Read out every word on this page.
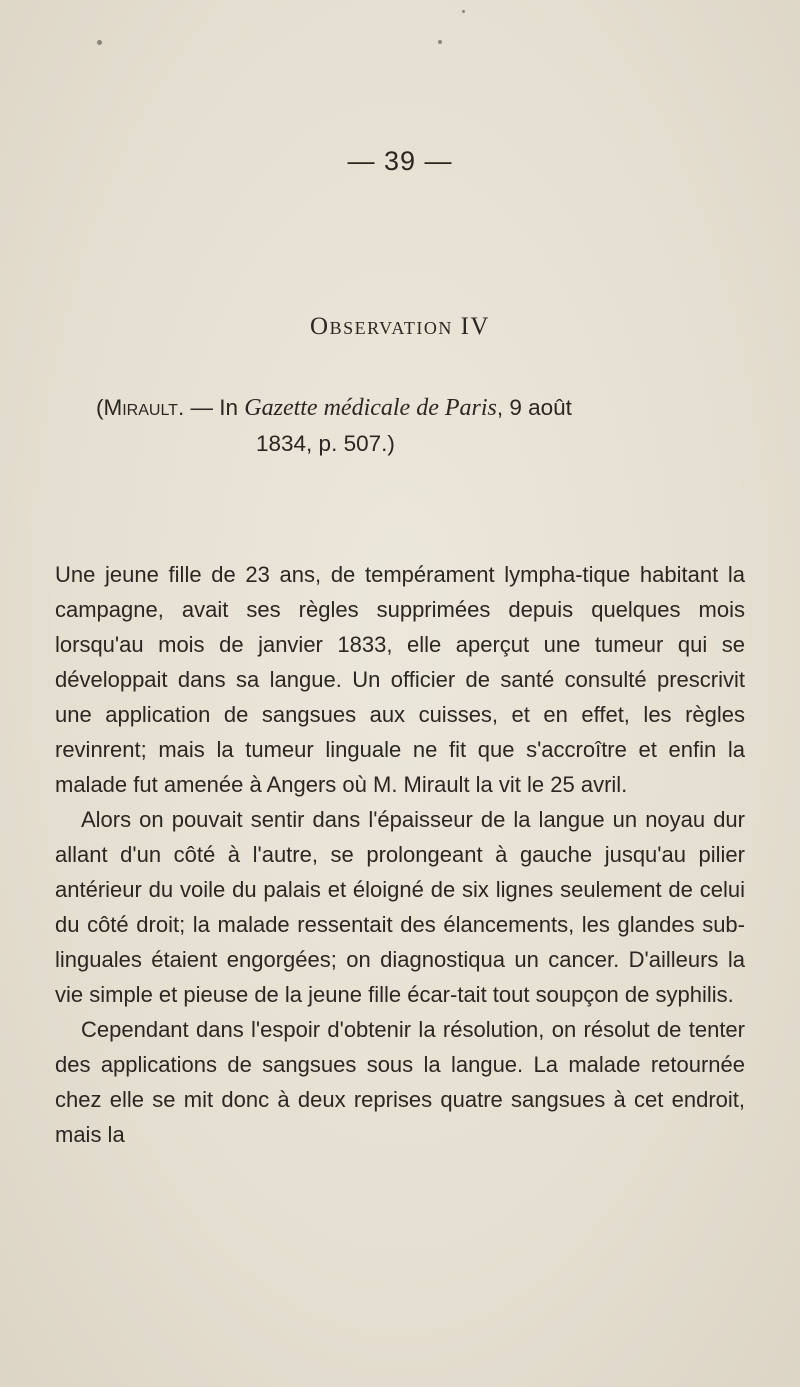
— 39 —
Observation IV
(Mirault. — In Gazette médicale de Paris, 9 août
1834, p. 507.)

Une jeune fille de 23 ans, de tempérament lympha-tique habitant la campagne, avait ses règles supprimées depuis quelques mois lorsqu'au mois de janvier 1833, elle aperçut une tumeur qui se développait dans sa langue. Un officier de santé consulté prescrivit une application de sangsues aux cuisses, et en effet, les règles revinrent; mais la tumeur linguale ne fit que s'accroître et enfin la malade fut amenée à Angers où M. Mirault la vit le 25 avril.

Alors on pouvait sentir dans l'épaisseur de la langue un noyau dur allant d'un côté à l'autre, se prolongeant à gauche jusqu'au pilier antérieur du voile du palais et éloigné de six lignes seulement de celui du côté droit; la malade ressentait des élancements, les glandes sub-linguales étaient engorgées; on diagnostiqua un cancer. D'ailleurs la vie simple et pieuse de la jeune fille écar-tait tout soupçon de syphilis.

Cependant dans l'espoir d'obtenir la résolution, on résolut de tenter des applications de sangsues sous la langue. La malade retournée chez elle se mit donc à deux reprises quatre sangsues à cet endroit, mais la
